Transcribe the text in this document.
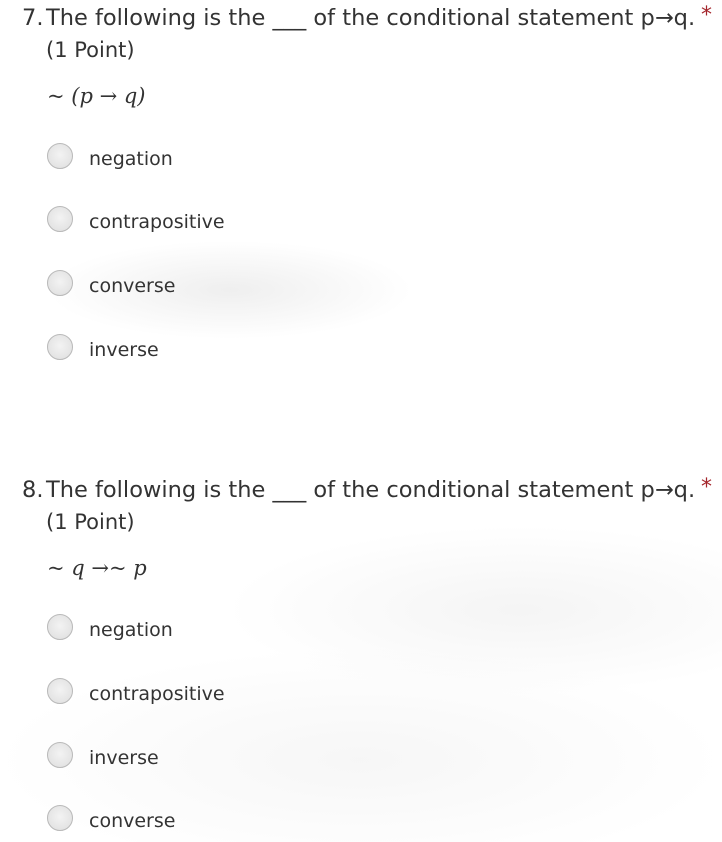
7. The following is the ___ of the conditional statement p→q. *
(1 Point)
~ (p → q)
negation
contrapositive
converse
inverse
8. The following is the ___ of the conditional statement p→q. *
(1 Point)
~ q →~ p
negation
contrapositive
inverse
converse
